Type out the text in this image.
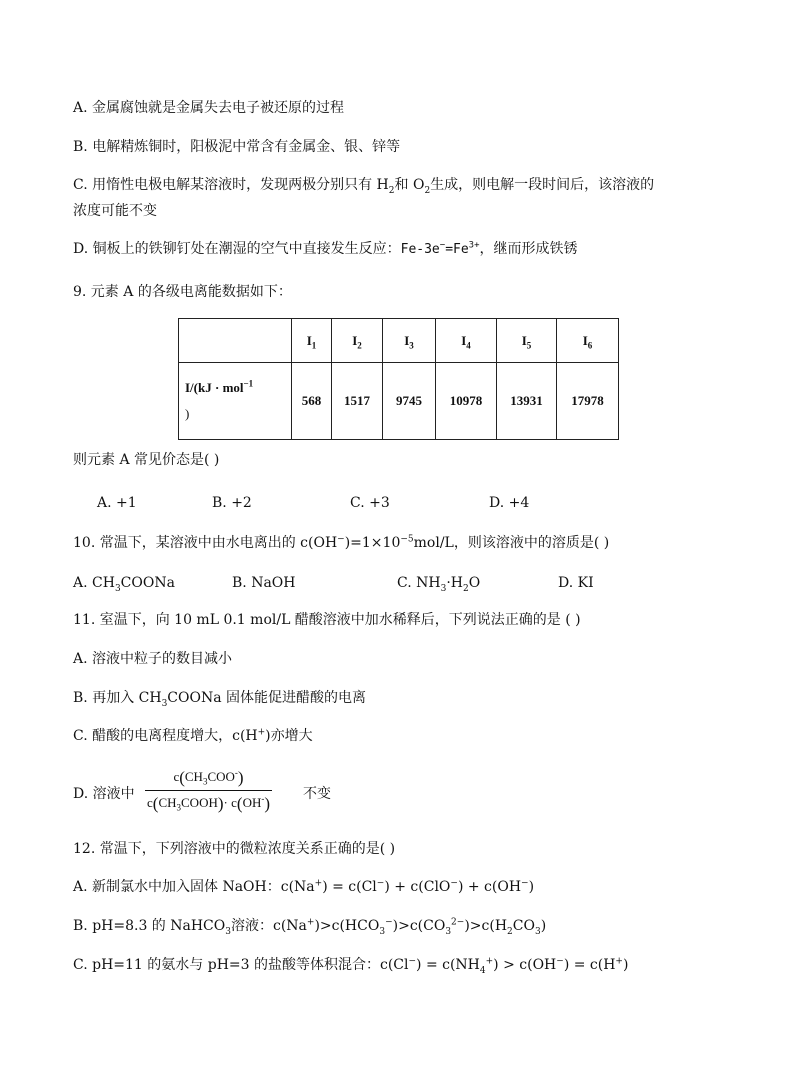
A. 金属腐蚀就是金属失去电子被还原的过程
B. 电解精炼铜时，阳极泥中常含有金属金、银、锌等
C. 用惰性电极电解某溶液时，发现两极分别只有 $H_2$和 $O_2$生成，则电解一段时间后，该溶液的
浓度可能不变
D. 铜板上的铁铆钉处在潮湿的空气中直接发生反应：$Fe-3e^-=Fe^{3+}$，继而形成铁锈
9. 元素 A 的各级电离能数据如下：
	$I_1$	$I_2$	$I_3$	$I_4$	$I_5$	$I_6$
I/(kJ · mol$^{-1}$
)	568	1517	9745	10978	13931	17978
则元素 A 常见价态是( )
A. +1	B. +2	C. +3	D. +4
10. 常温下，某溶液中由水电离出的 $c(OH^-)=1\times 10^{-5}mol/L$，则该溶液中的溶质是( )
A. $CH_3COONa$	B. NaOH	C. $NH_3\cdot H_2O$	D. KI
11. 室温下，向 10 mL 0.1 mol/L 醋酸溶液中加水稀释后，下列说法正确的是 ( )
A. 溶液中粒子的数目减小
B. 再加入 $CH_3COONa$ 固体能促进醋酸的电离
C. 醋酸的电离程度增大，c(H+)亦增大
D. 溶液中
$c(CH_3COO^-)$
$c(CH_3COOH)\cdot c(OH^-)$ 不变
12. 常温下，下列溶液中的微粒浓度关系正确的是( )
A. 新制氯水中加入固体 NaOH：c(Na+) = c(Cl−) + c(ClO−) + c(OH−)
B. pH=8.3 的 NaHCO$_3$溶液：$c(Na^+)>c(HCO_3^-)>c(CO_3^{2-})>c(H_2CO_3)$
C. pH=11 的氨水与 pH=3 的盐酸等体积混合：$c(Cl^-) = c(NH_4^+) > c(OH^-) = c(H^+)$
